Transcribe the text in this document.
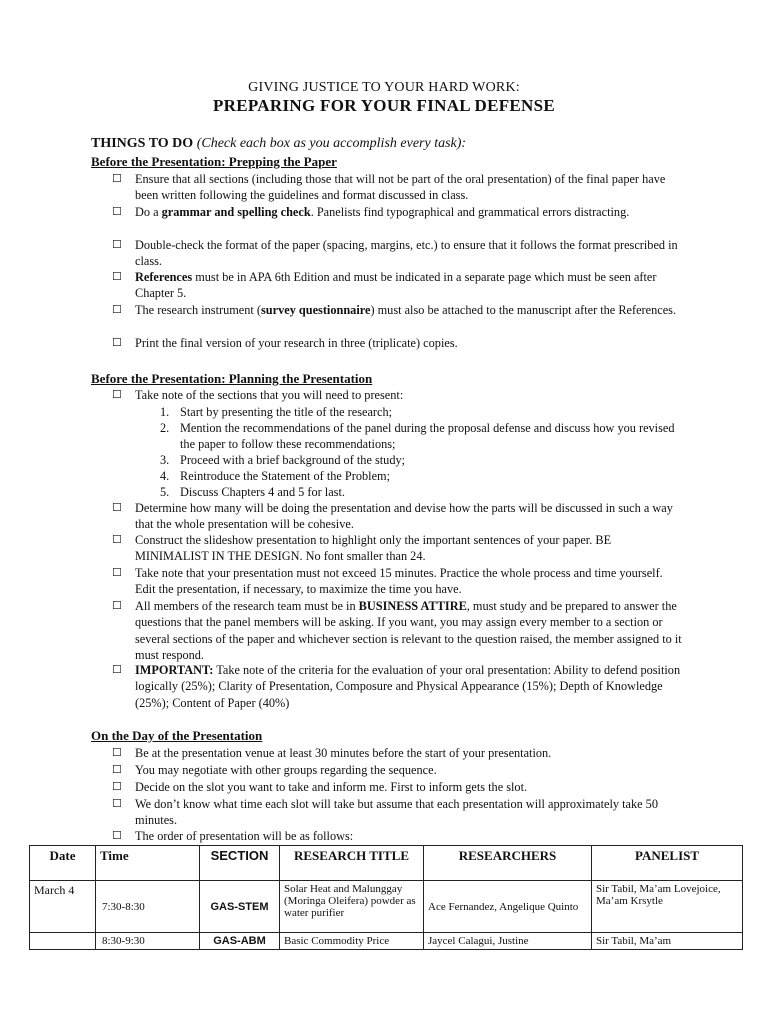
GIVING JUSTICE TO YOUR HARD WORK:
PREPARING FOR YOUR FINAL DEFENSE
THINGS TO DO (Check each box as you accomplish every task):
Before the Presentation: Prepping the Paper
☐	Ensure that all sections (including those that will not be part of the oral presentation) of the final paper have been written following the guidelines and format discussed in class.
☐	Do a grammar and spelling check. Panelists find typographical and grammatical errors distracting.
☐	Double-check the format of the paper (spacing, margins, etc.) to ensure that it follows the format prescribed in class.
☐	References must be in APA 6th Edition and must be indicated in a separate page which must be seen after Chapter 5.
☐	The research instrument (survey questionnaire) must also be attached to the manuscript after the References.
☐	Print the final version of your research in three (triplicate) copies.
Before the Presentation: Planning the Presentation
☐	Take note of the sections that you will need to present:
1. Start by presenting the title of the research;
2. Mention the recommendations of the panel during the proposal defense and discuss how you revised the paper to follow these recommendations;
3. Proceed with a brief background of the study;
4. Reintroduce the Statement of the Problem;
5. Discuss Chapters 4 and 5 for last.
☐	Determine how many will be doing the presentation and devise how the parts will be discussed in such a way that the whole presentation will be cohesive.
☐	Construct the slideshow presentation to highlight only the important sentences of your paper. BE MINIMALIST IN THE DESIGN. No font smaller than 24.
☐	Take note that your presentation must not exceed 15 minutes. Practice the whole process and time yourself. Edit the presentation, if necessary, to maximize the time you have.
☐	All members of the research team must be in BUSINESS ATTIRE, must study and be prepared to answer the questions that the panel members will be asking. If you want, you may assign every member to a section or several sections of the paper and whichever section is relevant to the question raised, the member assigned to it must respond.
☐	IMPORTANT: Take note of the criteria for the evaluation of your oral presentation: Ability to defend position logically (25%); Clarity of Presentation, Composure and Physical Appearance (15%); Depth of Knowledge (25%); Content of Paper (40%)
On the Day of the Presentation
☐	Be at the presentation venue at least 30 minutes before the start of your presentation.
☐	You may negotiate with other groups regarding the sequence.
☐	Decide on the slot you want to take and inform me. First to inform gets the slot.
☐	We don’t know what time each slot will take but assume that each presentation will approximately take 50 minutes.
☐	The order of presentation will be as follows:
Date	Time	SECTION	RESEARCH TITLE	RESEARCHERS	PANELIST
March 4	7:30-8:30	GAS-STEM	Solar Heat and Malunggay (Moringa Oleifera) powder as water purifier	Ace Fernandez, Angelique Quinto	Sir Tabil, Ma’am Lovejoice, Ma’am Krsytle
	8:30-9:30	GAS-ABM	Basic Commodity Price	Jaycel Calagui, Justine	Sir Tabil, Ma’am
